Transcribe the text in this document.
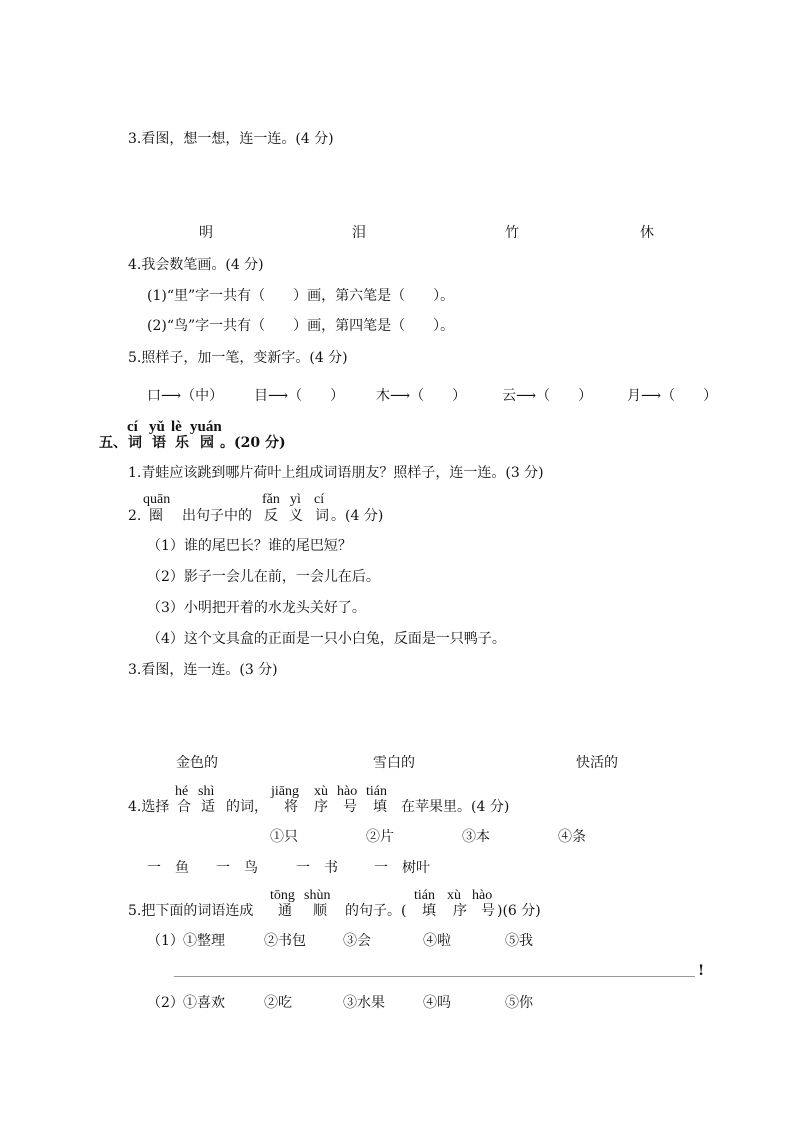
3.看图，想一想，连一连。(4 分)
明	泪	竹	休
4.我会数笔画。(4 分)
(1)“里”字一共有（　　）画，第六笔是（　　）。
(2)“鸟”字一共有（　　）画，第四笔是（　　）。
5.照样子，加一笔，变新字。(4 分)
口⟶（中） 目⟶（　　） 木⟶（　　）	云⟶（　　） 月⟶（　　）
cí yǔ lè yuán
五、 词 语 乐 园 。(20 分)
1.青蛙应该跳到哪片荷叶上组成词语朋友？照样子，连一连。(3 分)
quān	fǎn yì cí
2. 圈 出句子中的 反 义 词 。(4 分)
（1）谁的尾巴长？谁的尾巴短？
（2）影子一会儿在前，一会儿在后。
（3）小明把开着的水龙头关好了。
（4）这个文具盒的正面是一只小白兔，反面是一只鸭子。
3.看图，连一连。(3 分)
金色的	雪白的	快活的
hé shì	jiāng xù hào tián
4.选择 合 适 的词， 将 序 号 填 在苹果里。(4 分)
①只	②片	③本	④条
一　鱼 一　鸟	一　书	一　树叶
tōng shùn	tián xù hào
5.把下面的词语连成 通 顺 的句子。( 填 序 号 )(6 分)
（1） ①整理	②书包	③会	④啦	⑤我
!
（2） ①喜欢	②吃	③水果	④吗	⑤你
